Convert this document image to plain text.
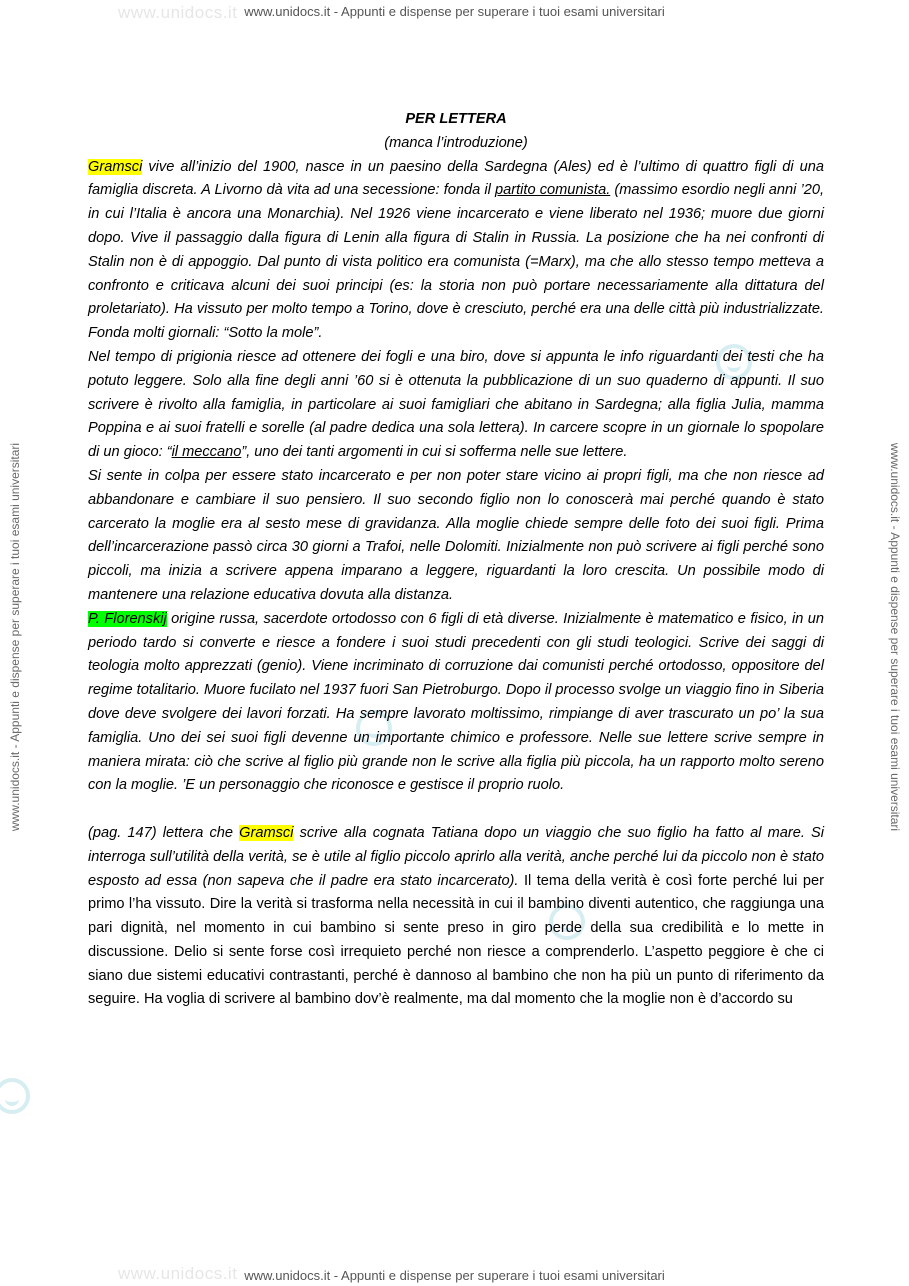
www.unidocs.it www.unidocs.it - Appunti e dispense per superare i tuoi esami universitari
www.unidocs.it www.unidocs.it - Appunti e dispense per superare i tuoi esami universitari
www.unidocs.it - Appunti e dispense per superare i tuoi esami universitari	www.unidocs.it - Appunti e dispense per superare i tuoi esami universitari
PER LETTERA
(manca l’introduzione)

Gramsci vive all’inizio del 1900, nasce in un paesino della Sardegna (Ales) ed è l’ultimo di quattro figli di una famiglia discreta. A Livorno dà vita ad una secessione: fonda il partito comunista. (massimo esordio negli anni ’20, in cui l’Italia è ancora una Monarchia). Nel 1926 viene incarcerato e viene liberato nel 1936; muore due giorni dopo. Vive il passaggio dalla figura di Lenin alla figura di Stalin in Russia. La posizione che ha nei confronti di Stalin non è di appoggio. Dal punto di vista politico era comunista (=Marx), ma che allo stesso tempo metteva a confronto e criticava alcuni dei suoi principi (es: la storia non può portare necessariamente alla dittatura del proletariato). Ha vissuto per molto tempo a Torino, dove è cresciuto, perché era una delle città più industrializzate. Fonda molti giornali: “Sotto la mole”.

Nel tempo di prigionia riesce ad ottenere dei fogli e una biro, dove si appunta le info riguardanti dei testi che ha potuto leggere. Solo alla fine degli anni ’60 si è ottenuta la pubblicazione di un suo quaderno di appunti. Il suo scrivere è rivolto alla famiglia, in particolare ai suoi famigliari che abitano in Sardegna; alla figlia Julia, mamma Poppina e ai suoi fratelli e sorelle (al padre dedica una sola lettera). In carcere scopre in un giornale lo spopolare di un gioco: “il meccano”, uno dei tanti argomenti in cui si sofferma nelle sue lettere.

Si sente in colpa per essere stato incarcerato e per non poter stare vicino ai propri figli, ma che non riesce ad abbandonare e cambiare il suo pensiero. Il suo secondo figlio non lo conoscerà mai perché quando è stato carcerato la moglie era al sesto mese di gravidanza. Alla moglie chiede sempre delle foto dei suoi figli. Prima dell’incarcerazione passò circa 30 giorni a Trafoi, nelle Dolomiti. Inizialmente non può scrivere ai figli perché sono piccoli, ma inizia a scrivere appena imparano a leggere, riguardanti la loro crescita. Un possibile modo di mantenere una relazione educativa dovuta alla distanza.

P. Florenskij origine russa, sacerdote ortodosso con 6 figli di età diverse. Inizialmente è matematico e fisico, in un periodo tardo si converte e riesce a fondere i suoi studi precedenti con gli studi teologici. Scrive dei saggi di teologia molto apprezzati (genio). Viene incriminato di corruzione dai comunisti perché ortodosso, oppositore del regime totalitario. Muore fucilato nel 1937 fuori San Pietroburgo. Dopo il processo svolge un viaggio fino in Siberia dove deve svolgere dei lavori forzati. Ha sempre lavorato moltissimo, rimpiange di aver trascurato un po’ la sua famiglia. Uno dei sei suoi figli devenne un importante chimico e professore. Nelle sue lettere scrive sempre in maniera mirata: ciò che scrive al figlio più grande non le scrive alla figlia più piccola, ha un rapporto molto sereno con la moglie. ’E un personaggio che riconosce e gestisce il proprio ruolo.

(pag. 147) lettera che Gramsci scrive alla cognata Tatiana dopo un viaggio che suo figlio ha fatto al mare. Si interroga sull’utilità della verità, se è utile al figlio piccolo aprirlo alla verità, anche perché lui da piccolo non è stato esposto ad essa (non sapeva che il padre era stato incarcerato). Il tema della verità è così forte perché lui per primo l’ha vissuto. Dire la verità si trasforma nella necessità in cui il bambino diventi autentico, che raggiunga una pari dignità, nel momento in cui bambino si sente preso in giro perde della sua credibilità e lo mette in discussione. Delio si sente forse così irrequieto perché non riesce a comprenderlo. L’aspetto peggiore è che ci siano due sistemi educativi contrastanti, perché è dannoso al bambino che non ha più un punto di riferimento da seguire. Ha voglia di scrivere al bambino dov’è realmente, ma dal momento che la moglie non è d’accordo su
